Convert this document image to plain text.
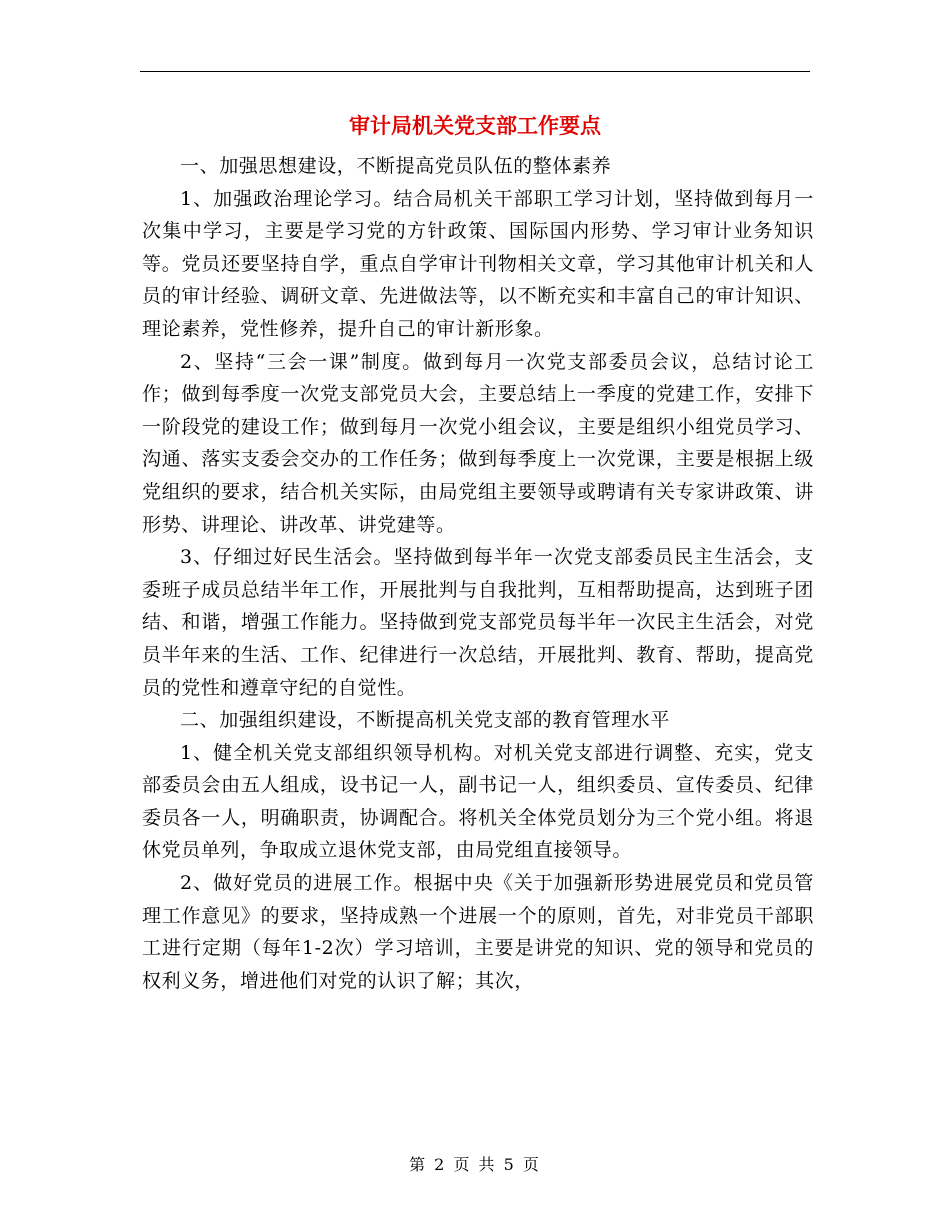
审计局机关党支部工作要点

一、加强思想建设，不断提高党员队伍的整体素养

1、加强政治理论学习。结合局机关干部职工学习计划，坚持做到每月一次集中学习，主要是学习党的方针政策、国际国内形势、学习审计业务知识等。党员还要坚持自学，重点自学审计刊物相关文章，学习其他审计机关和人员的审计经验、调研文章、先进做法等，以不断充实和丰富自己的审计知识、理论素养，党性修养，提升自己的审计新形象。

2、坚持“三会一课”制度。做到每月一次党支部委员会议，总结讨论工作；做到每季度一次党支部党员大会，主要总结上一季度的党建工作，安排下一阶段党的建设工作；做到每月一次党小组会议，主要是组织小组党员学习、沟通、落实支委会交办的工作任务；做到每季度上一次党课，主要是根据上级党组织的要求，结合机关实际，由局党组主要领导或聘请有关专家讲政策、讲形势、讲理论、讲改革、讲党建等。

3、仔细过好民生活会。坚持做到每半年一次党支部委员民主生活会，支委班子成员总结半年工作，开展批判与自我批判，互相帮助提高，达到班子团结、和谐，增强工作能力。坚持做到党支部党员每半年一次民主生活会，对党员半年来的生活、工作、纪律进行一次总结，开展批判、教育、帮助，提高党员的党性和遵章守纪的自觉性。

二、加强组织建设，不断提高机关党支部的教育管理水平

1、健全机关党支部组织领导机构。对机关党支部进行调整、充实，党支部委员会由五人组成，设书记一人，副书记一人，组织委员、宣传委员、纪律委员各一人，明确职责，协调配合。将机关全体党员划分为三个党小组。将退休党员单列，争取成立退休党支部，由局党组直接领导。

2、做好党员的进展工作。根据中央《关于加强新形势进展党员和党员管理工作意见》的要求，坚持成熟一个进展一个的原则，首先，对非党员干部职工进行定期（每年1-2次）学习培训，主要是讲党的知识、党的领导和党员的权利义务，增进他们对党的认识了解；其次，

第 2 页 共 5 页
